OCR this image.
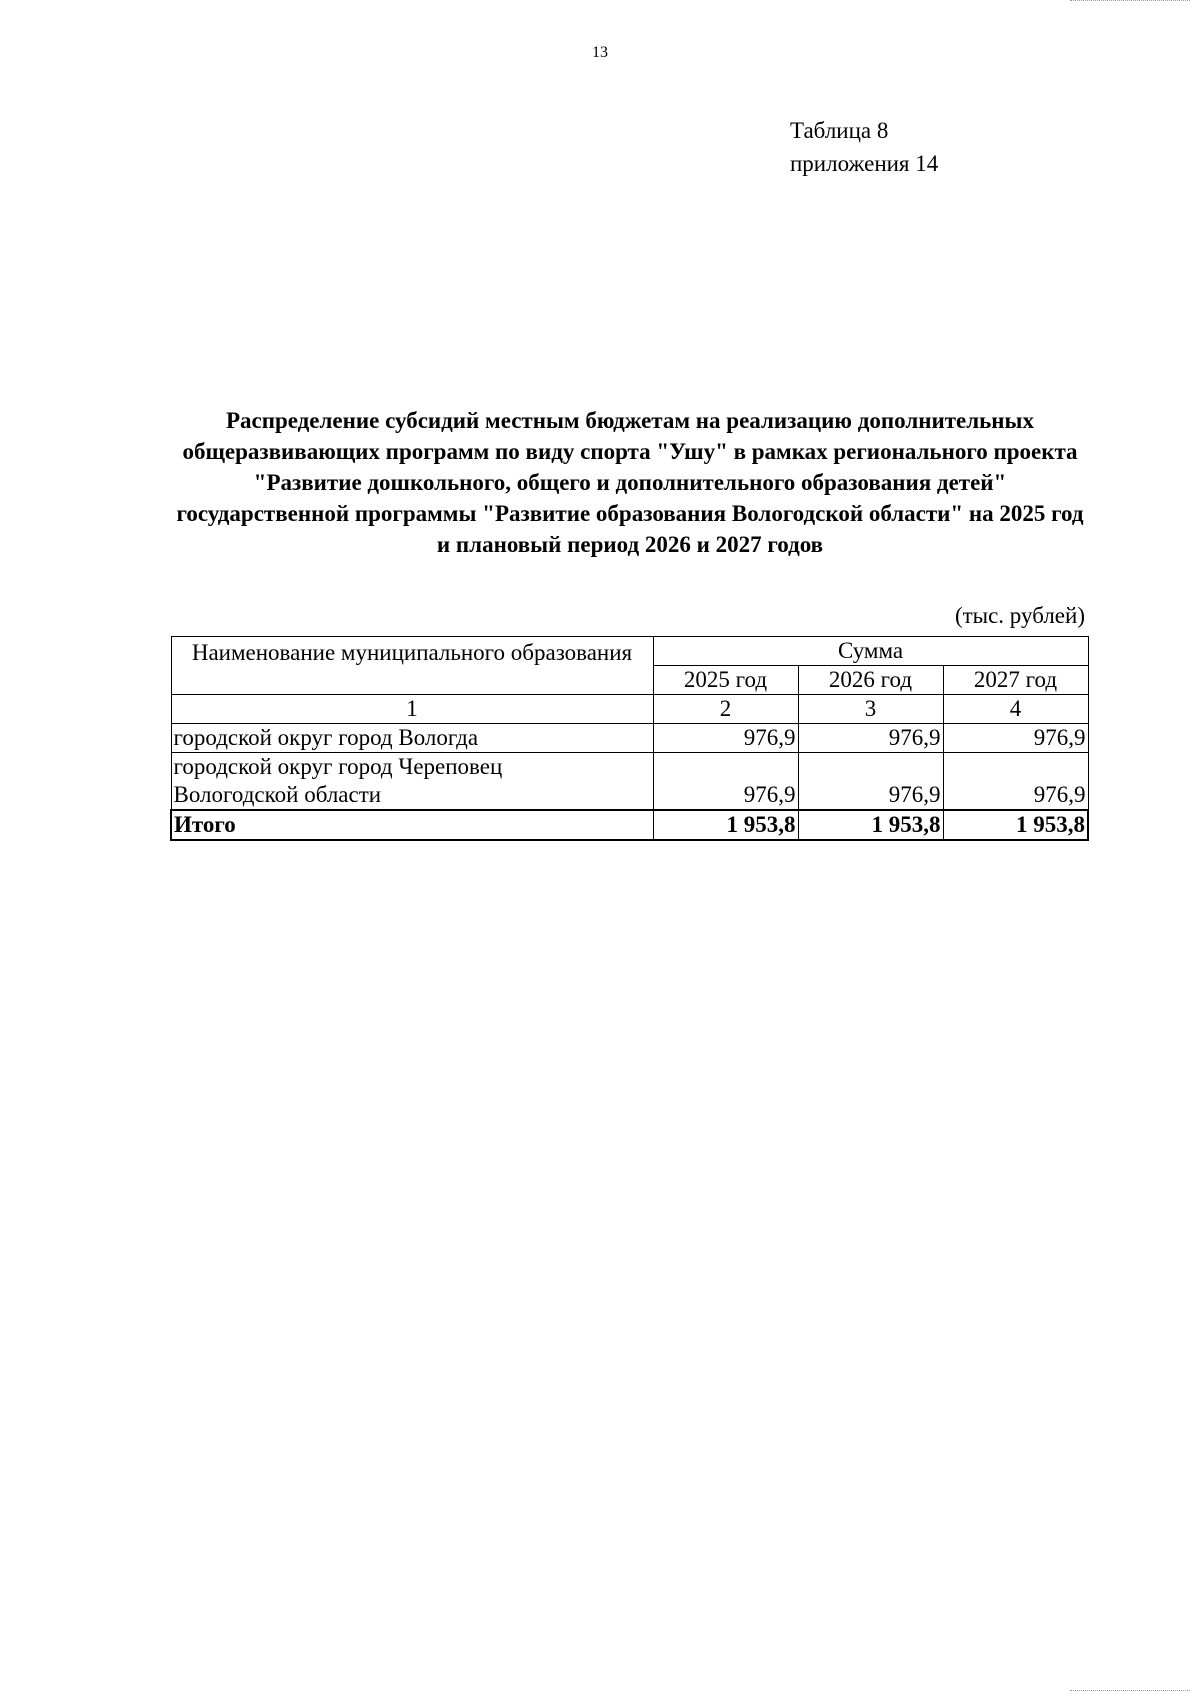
13
Таблица 8
приложения 14
Распределение субсидий местным бюджетам на реализацию дополнительных общеразвивающих программ по виду спорта "Ушу" в рамках регионального проекта "Развитие дошкольного, общего и дополнительного образования детей" государственной программы "Развитие образования Вологодской области" на 2025 год и плановый период 2026 и 2027 годов
(тыс. рублей)
Наименование муниципального образования	Сумма		
	2025 год	2026 год	2027 год
1	2	3	4
городской округ город Вологда	976,9	976,9	976,9
городской округ город Череповец Вологодской области	976,9	976,9	976,9
Итого	1 953,8	1 953,8	1 953,8
